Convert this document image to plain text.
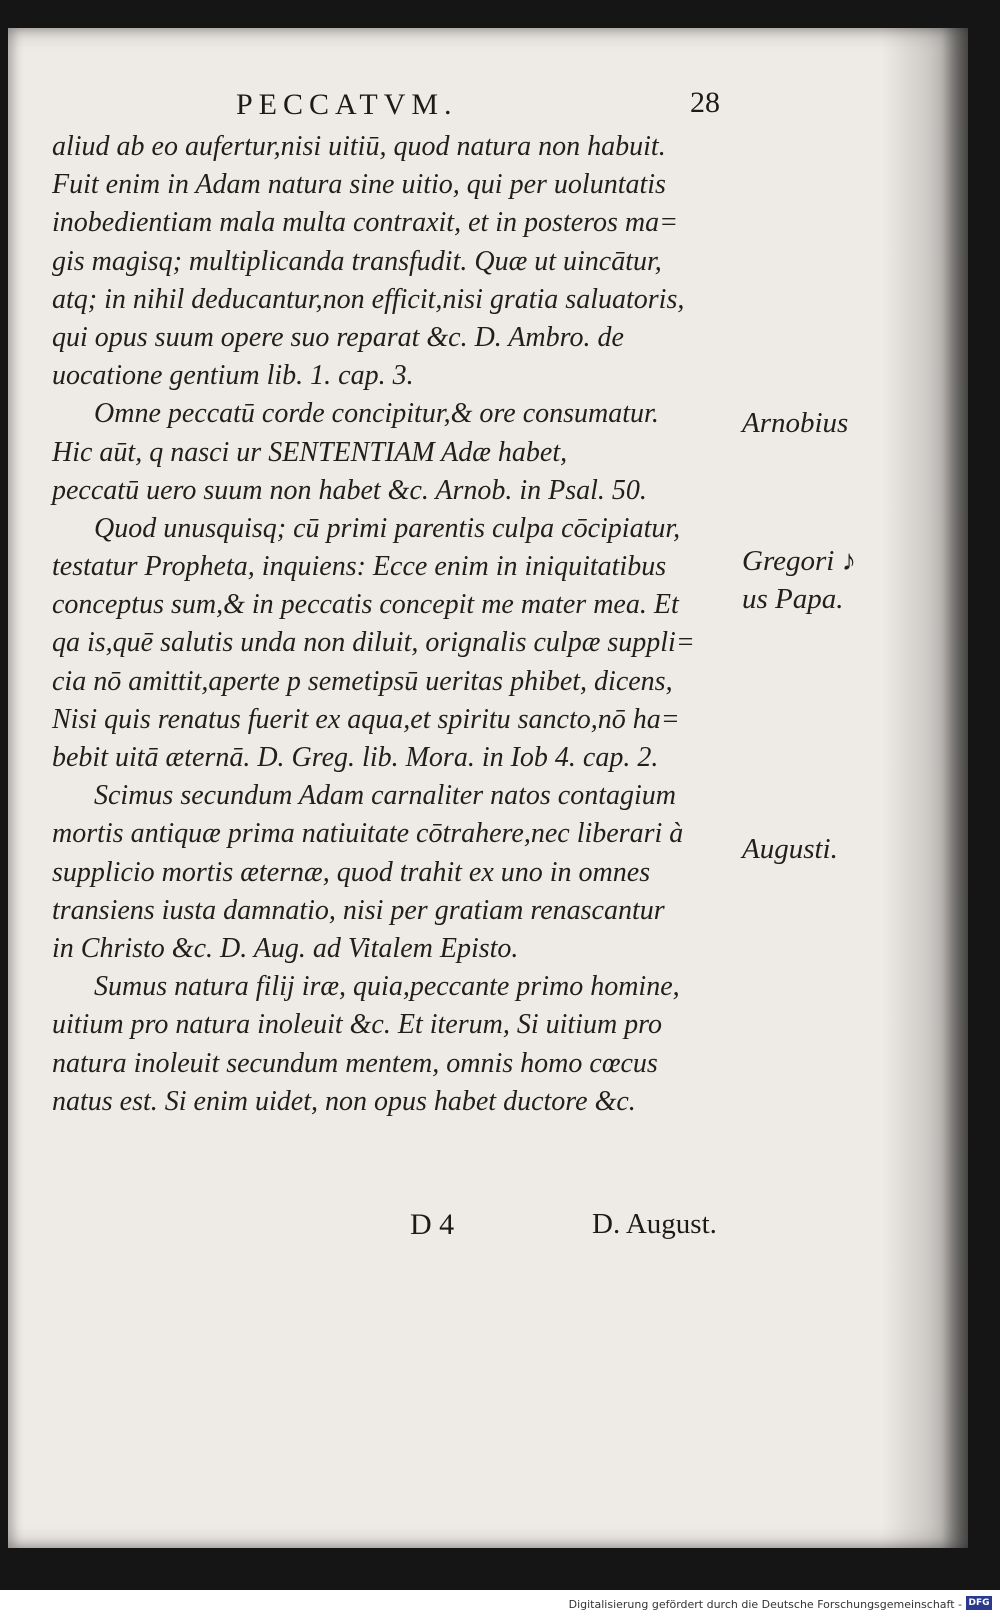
PECCATVM.	28
aliud ab eo aufertur,nisi uitiū, quod natura non habuit.
Fuit enim in Adam natura sine uitio, qui per uoluntatis
inobedientiam mala multa contraxit, et in posteros ma=
gis magisq; multiplicanda transfudit. Quæ ut uincātur,
atq; in nihil deducantur,non efficit,nisi gratia saluatoris,
qui opus suum opere suo reparat &c. D. Ambro. de
uocatione gentium lib. 1. cap. 3.
Omne peccatū corde concipitur,& ore consumatur.
Hic aūt, q nasci ur SENTENTIAM Adæ habet,
peccatū uero suum non habet &c. Arnob. in Psal. 50.
Quod unusquisq; cū primi parentis culpa cōcipiatur,
testatur Propheta, inquiens: Ecce enim in iniquitatibus
conceptus sum,& in peccatis concepit me mater mea. Et
qa is,quē salutis unda non diluit, orignalis culpæ suppli=
cia nō amittit,aperte p semetipsū ueritas phibet, dicens,
Nisi quis renatus fuerit ex aqua,et spiritu sancto,nō ha=
bebit uitā æternā. D. Greg. lib. Mora. in Iob 4. cap. 2.
Scimus secundum Adam carnaliter natos contagium
mortis antiquæ prima natiuitate cōtrahere,nec liberari à
supplicio mortis æternæ, quod trahit ex uno in omnes
transiens iusta damnatio, nisi per gratiam renascantur
in Christo &c. D. Aug. ad Vitalem Episto.
Sumus natura filij iræ, quia,peccante primo homine,
uitium pro natura inoleuit &c. Et iterum, Si uitium pro
natura inoleuit secundum mentem, omnis homo cœcus
natus est. Si enim uidet, non opus habet ductore &c.
Arnobius
Gregori ♪
us Papa.
Augusti.
D 4	D. August.
Digitalisierung gefördert durch die Deutsche Forschungsgemeinschaft - DFG
